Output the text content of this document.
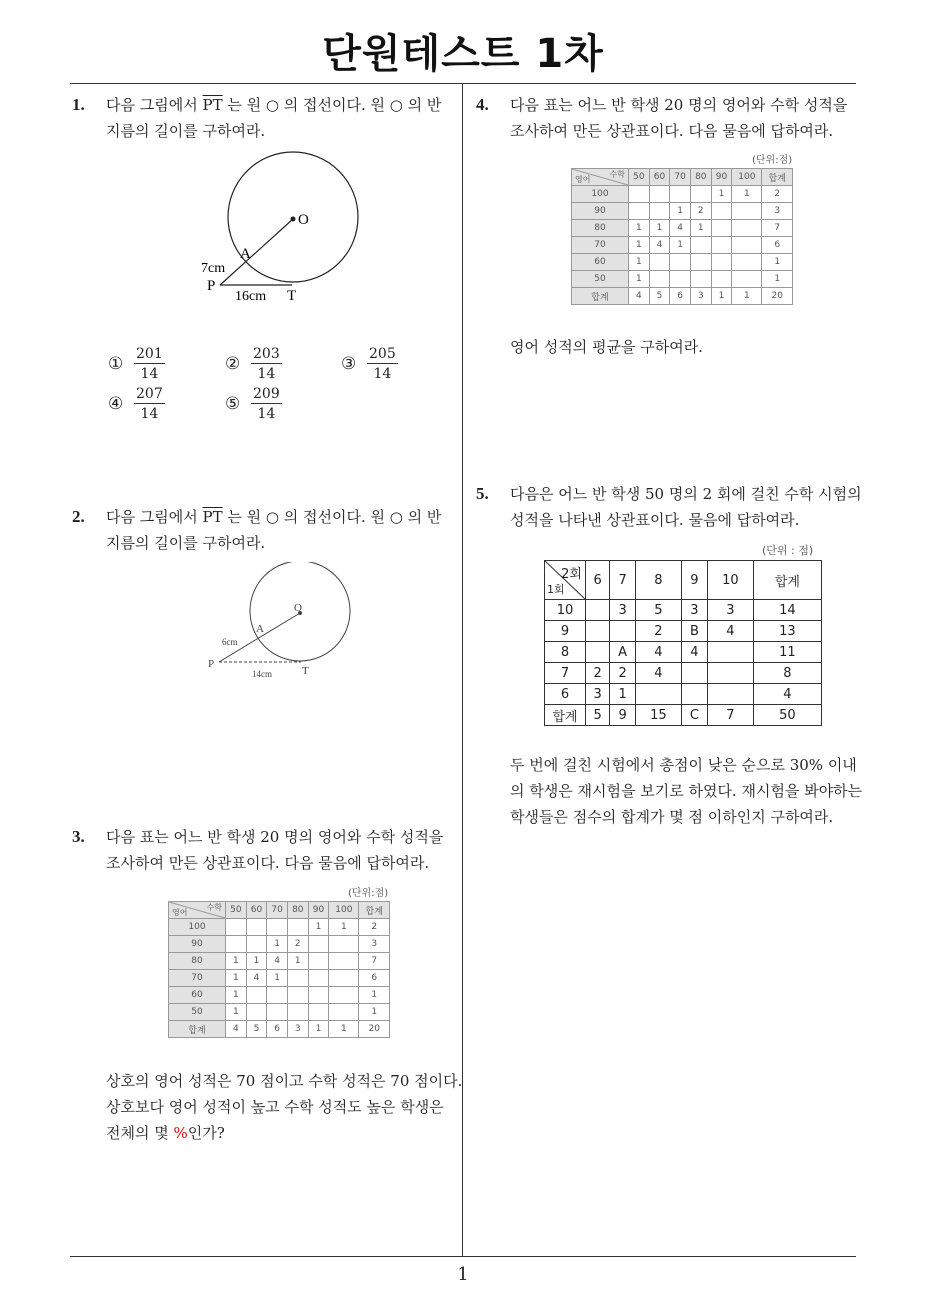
단원테스트 1차
1
1. 다음 그림에서 $\overline{PT}$ 는 원 ○ 의 접선이다. 원 ○ 의 반
지름의 길이를 구하여라.
O
A
P
T
7cm
16cm
① $\frac{201}{14}$	② $\frac{203}{14}$	③ $\frac{205}{14}$
④ $\frac{207}{14}$	⑤ $\frac{209}{14}$
2. 다음 그림에서 $\overline{PT}$ 는 원 ○ 의 접선이다. 원 ○ 의 반
지름의 길이를 구하여라.
O
A
P
T
6cm
14cm
3. 다음 표는 어느 반 학생 20 명의 영어와 수학 성적을
조사하여 만든 상관표이다. 다음 물음에 답하여라.
(단위:점)
수학
영어	50	60	70	80	90	100	합계
100					1	1	2
90			1	2			3
80	1	1	4	1			7
70	1	4	1				6
60	1						1
50	1						1
합계	4	5	6	3	1	1	20
상호의 영어 성적은 70 점이고 수학 성적은 70 점이다.
상호보다 영어 성적이 높고 수학 성적도 높은 학생은
전체의 몇 %인가?
4. 다음 표는 어느 반 학생 20 명의 영어와 수학 성적을
조사하여 만든 상관표이다. 다음 물음에 답하여라.
(단위:점)
수학
영어	50	60	70	80	90	100	합계
100					1	1	2
90			1	2			3
80	1	1	4	1			7
70	1	4	1				6
60	1						1
50	1						1
합계	4	5	6	3	1	1	20
영어 성적의 평균을 구하여라.
5. 다음은 어느 반 학생 50 명의 2 회에 걸친 수학 시험의
성적을 나타낸 상관표이다. 물음에 답하여라.
(단위 : 점)
2회
1회	6	7	8	9	10	합계
10		3	5	3	3	14
9			2	B	4	13
8		A	4	4		11
7	2	2	4			8
6	3	1				4
합계	5	9	15	C	7	50
두 번에 걸친 시험에서 총점이 낮은 순으로 30% 이내
의 학생은 재시험을 보기로 하였다. 재시험을 봐야하는
학생들은 점수의 합계가 몇 점 이하인지 구하여라.
